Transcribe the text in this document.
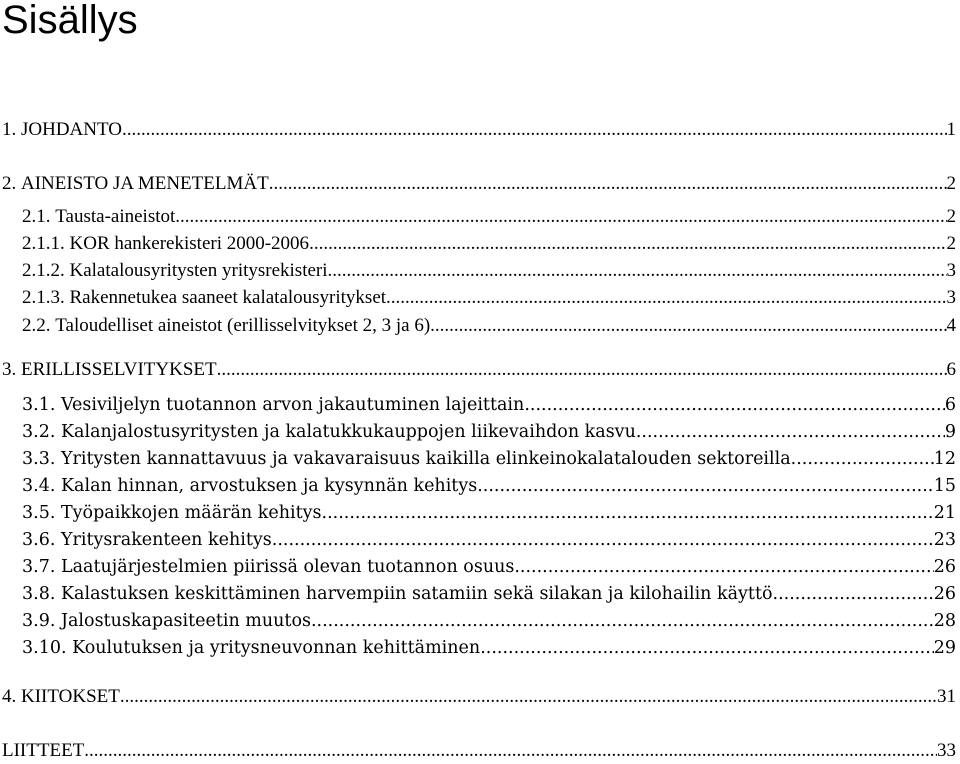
Sisällys
1. JOHDANTO .....	1
2. AINEISTO JA MENETELMÄT .....	2
2.1. Tausta-aineistot .....	2
2.1.1. KOR hankerekisteri 2000-2006 .....	2
2.1.2. Kalatalousyritysten yritysrekisteri .....	3
2.1.3. Rakennetukea saaneet kalatalousyritykset .....	3
2.2. Taloudelliset aineistot (erillisselvitykset 2, 3 ja 6) .....	4
3. ERILLISSELVITYKSET .....	6
3.1. Vesiviljelyn tuotannon arvon jakautuminen lajeittain .....	6
3.2. Kalanjalostusyritysten ja kalatukkukauppojen liikevaihdon kasvu .....	9
3.3. Yritysten kannattavuus ja vakavaraisuus kaikilla elinkeinokalatalouden sektoreilla .....	12
3.4. Kalan hinnan, arvostuksen ja kysynnän kehitys .....	15
3.5. Työpaikkojen määrän kehitys .....	21
3.6. Yritysrakenteen kehitys .....	23
3.7. Laatujärjestelmien piirissä olevan tuotannon osuus .....	26
3.8. Kalastuksen keskittäminen harvempiin satamiin sekä silakan ja kilohailin käyttö .....	26
3.9. Jalostuskapasiteetin muutos .....	28
3.10. Koulutuksen ja yritysneuvonnan kehittäminen .....	29
4. KIITOKSET .....	31
LIITTEET .....	33
